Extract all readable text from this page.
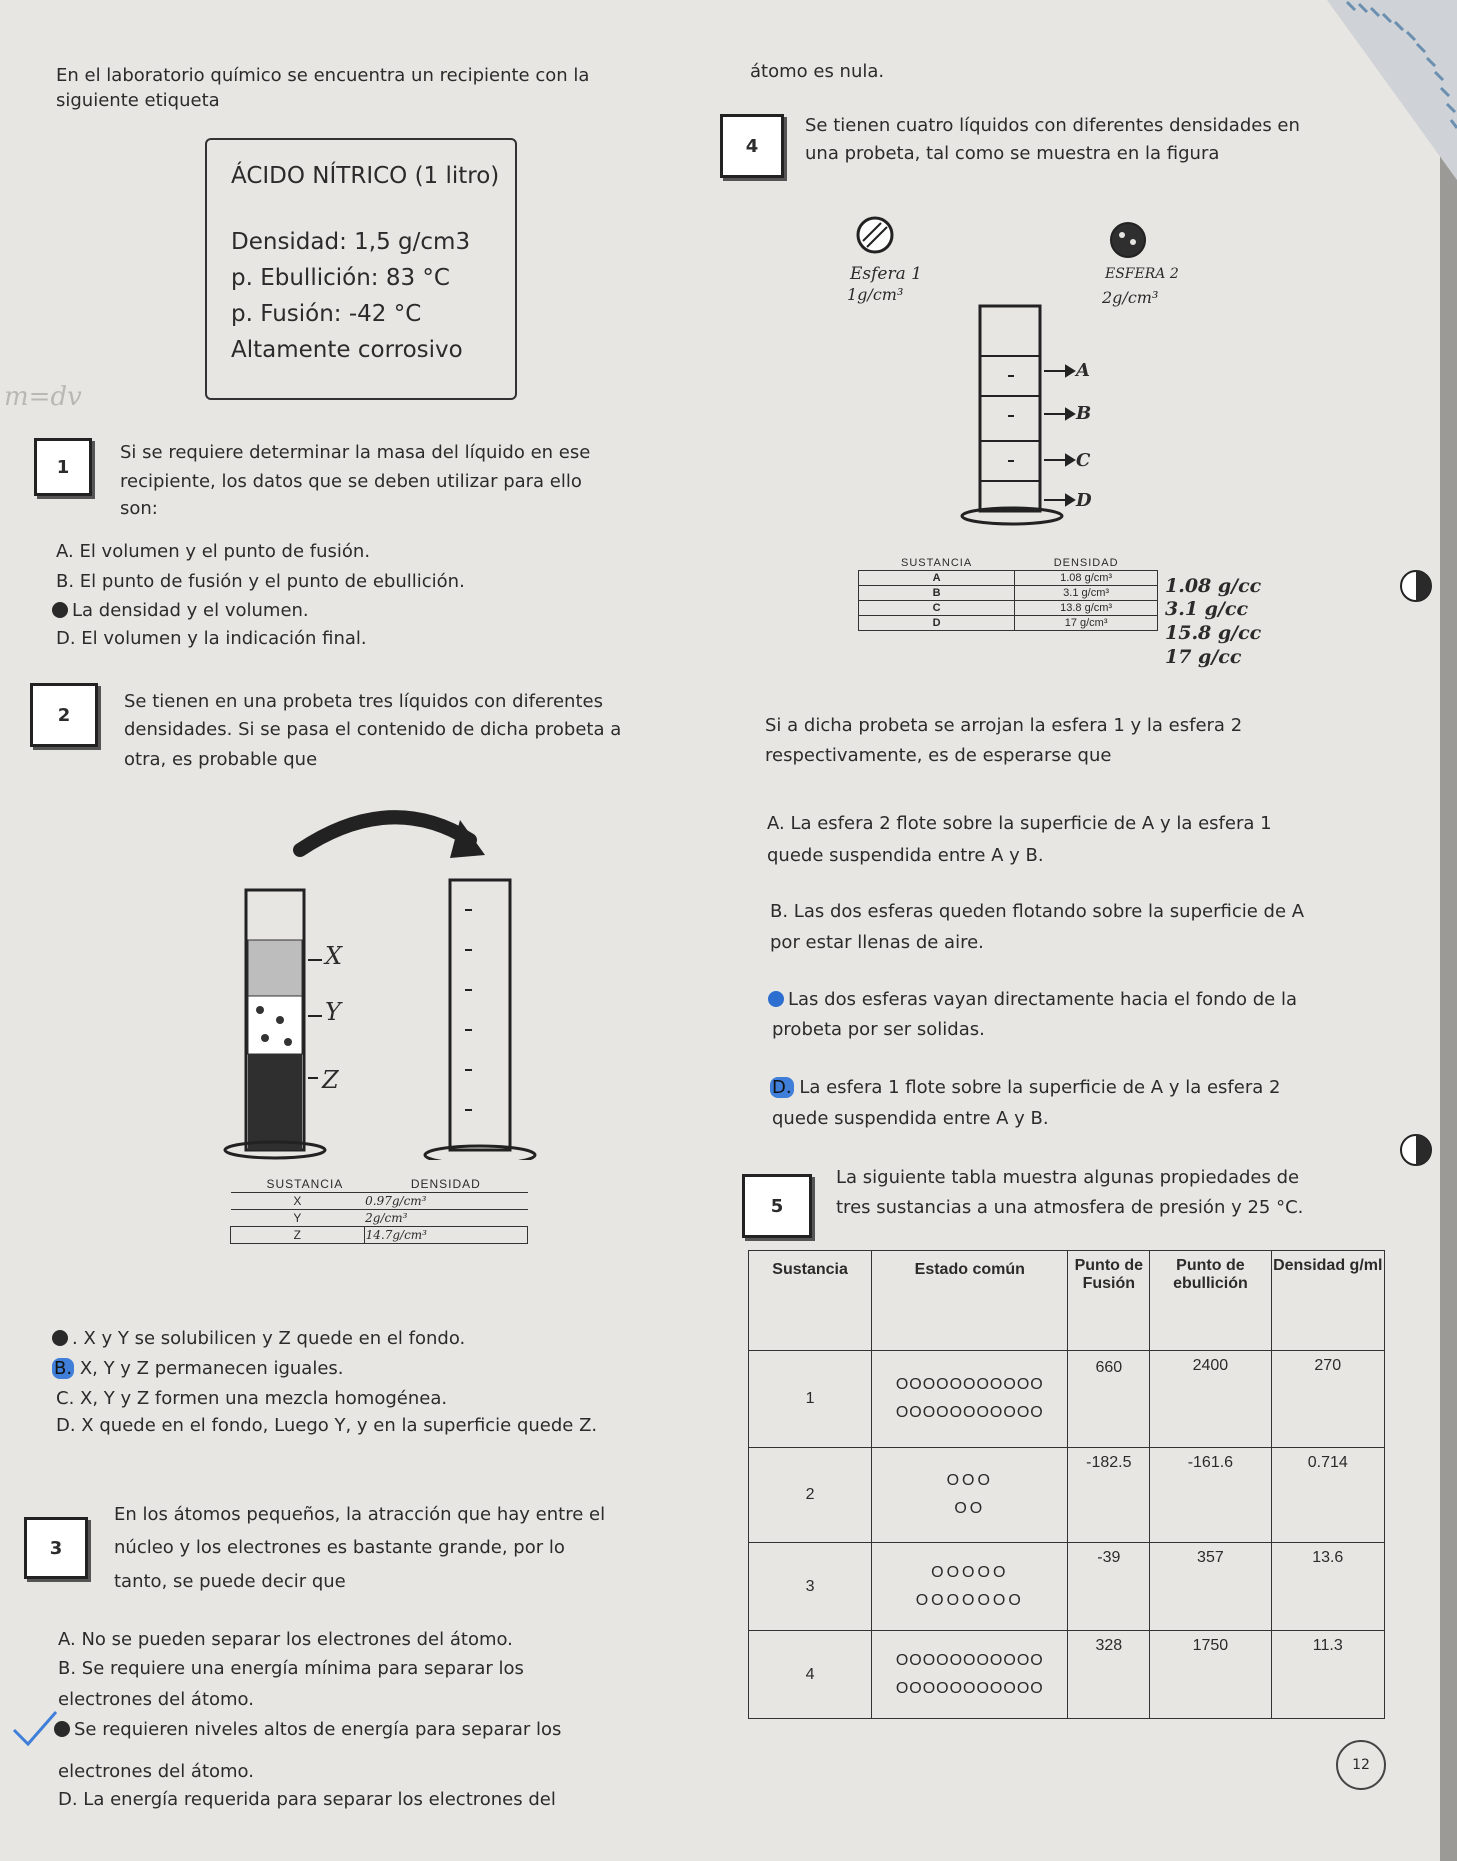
En el laboratorio químico se encuentra un recipiente con la
siguiente etiqueta
átomo es nula.
ÁCIDO NÍTRICO (1 litro)
Densidad: 1,5 g/cm3
p. Ebullición: 83 °C
p. Fusión: -42 °C
Altamente corrosivo
m=dv
1
Si se requiere determinar la masa del líquido en ese
recipiente, los datos que se deben utilizar para ello
son:
A. El volumen y el punto de fusión.
B. El punto de fusión y el punto de ebullición.
La densidad y el volumen.
D. El volumen y la indicación final.
2
Se tienen en una probeta tres líquidos con diferentes
densidades. Si se pasa el contenido de dicha probeta a
otra, es probable que
X
Y
Z
SUSTANCIA	DENSIDAD
X	0.97g/cm³
Y	2g/cm³
Z	14.7g/cm³
. X y Y se solubilicen y Z quede en el fondo.
B. X, Y y Z permanecen iguales.
C. X, Y y Z formen una mezcla homogénea.
D. X quede en el fondo, Luego Y, y en la superficie quede Z.
3
En los átomos pequeños, la atracción que hay entre el
núcleo y los electrones es bastante grande, por lo
tanto, se puede decir que
A. No se pueden separar los electrones del átomo.
B. Se requiere una energía mínima para separar los
electrones del átomo.
Se requieren niveles altos de energía para separar los
electrones del átomo.
D. La energía requerida para separar los electrones del
4
Se tienen cuatro líquidos con diferentes densidades en
una probeta, tal como se muestra en la figura
Esfera 1
1g/cm³
ESFERA 2
2g/cm³
A
B
C
D
SUSTANCIA	DENSIDAD
A	1.08 g/cm³
B	3.1 g/cm³
C	13.8 g/cm³
D	17 g/cm³
1.08 g/cc
3.1 g/cc
15.8 g/cc
17 g/cc
Si a dicha probeta se arrojan la esfera 1 y la esfera 2
respectivamente, es de esperarse que
A. La esfera 2 flote sobre la superficie de A y la esfera 1
quede suspendida entre A y B.
B. Las dos esferas queden flotando sobre la superficie de A
por estar llenas de aire.
Las dos esferas vayan directamente hacia el fondo de la
probeta por ser solidas.
D. La esfera 1 flote sobre la superficie de A y la esfera 2
quede suspendida entre A y B.
5
La siguiente tabla muestra algunas propiedades de
tres sustancias a una atmosfera de presión y 25 °C.
Sustancia	Estado común	Punto de Fusión	Punto de ebullición	Densidad g/ml
1	OOOOOOOOOOO
OOOOOOOOOOO	660	2400	270
2	OOO
OO	-182.5	-161.6	0.714
3	OOOOO
OOOOOOO	-39	357	13.6
4	OOOOOOOOOOO
OOOOOOOOOOO	328	1750	11.3
12
